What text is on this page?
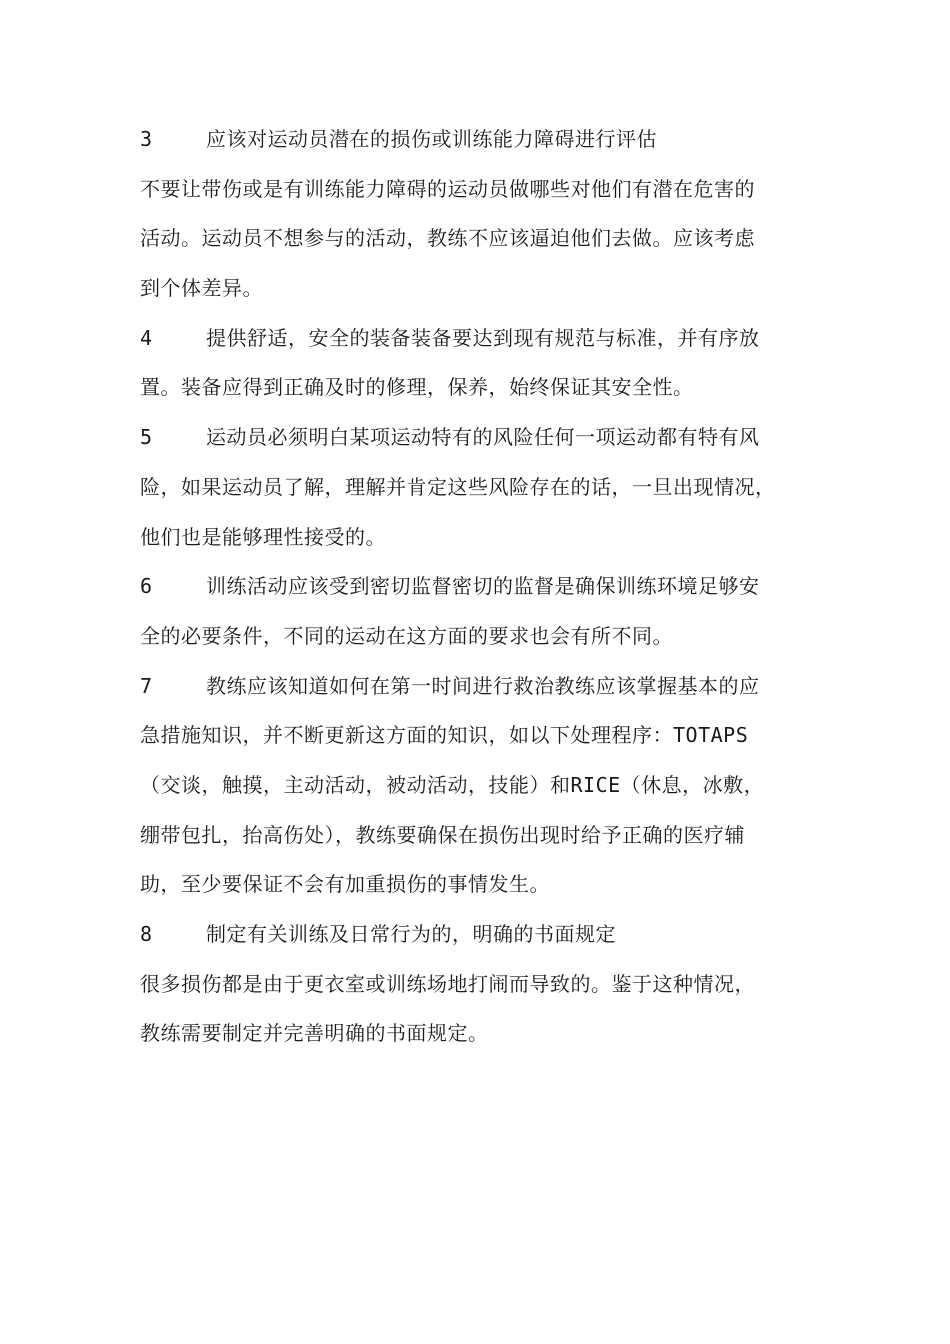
3	应该对运动员潜在的损伤或训练能力障碍进行评估
不要让带伤或是有训练能力障碍的运动员做哪些对他们有潜在危害的
活动。运动员不想参与的活动，教练不应该逼迫他们去做。应该考虑
到个体差异。
4	提供舒适，安全的装备装备要达到现有规范与标准，并有序放
置。装备应得到正确及时的修理，保养，始终保证其安全性。
5	运动员必须明白某项运动特有的风险任何一项运动都有特有风
险，如果运动员了解，理解并肯定这些风险存在的话，一旦出现情况，
他们也是能够理性接受的。
6	训练活动应该受到密切监督密切的监督是确保训练环境足够安
全的必要条件，不同的运动在这方面的要求也会有所不同。
7	教练应该知道如何在第一时间进行救治教练应该掌握基本的应
急措施知识，并不断更新这方面的知识，如以下处理程序：TOTAPS
（交谈，触摸，主动活动，被动活动，技能）和RICE（休息，冰敷，
绷带包扎，抬高伤处），教练要确保在损伤出现时给予正确的医疗辅
助，至少要保证不会有加重损伤的事情发生。
8	制定有关训练及日常行为的，明确的书面规定
很多损伤都是由于更衣室或训练场地打闹而导致的。鉴于这种情况，
教练需要制定并完善明确的书面规定。
